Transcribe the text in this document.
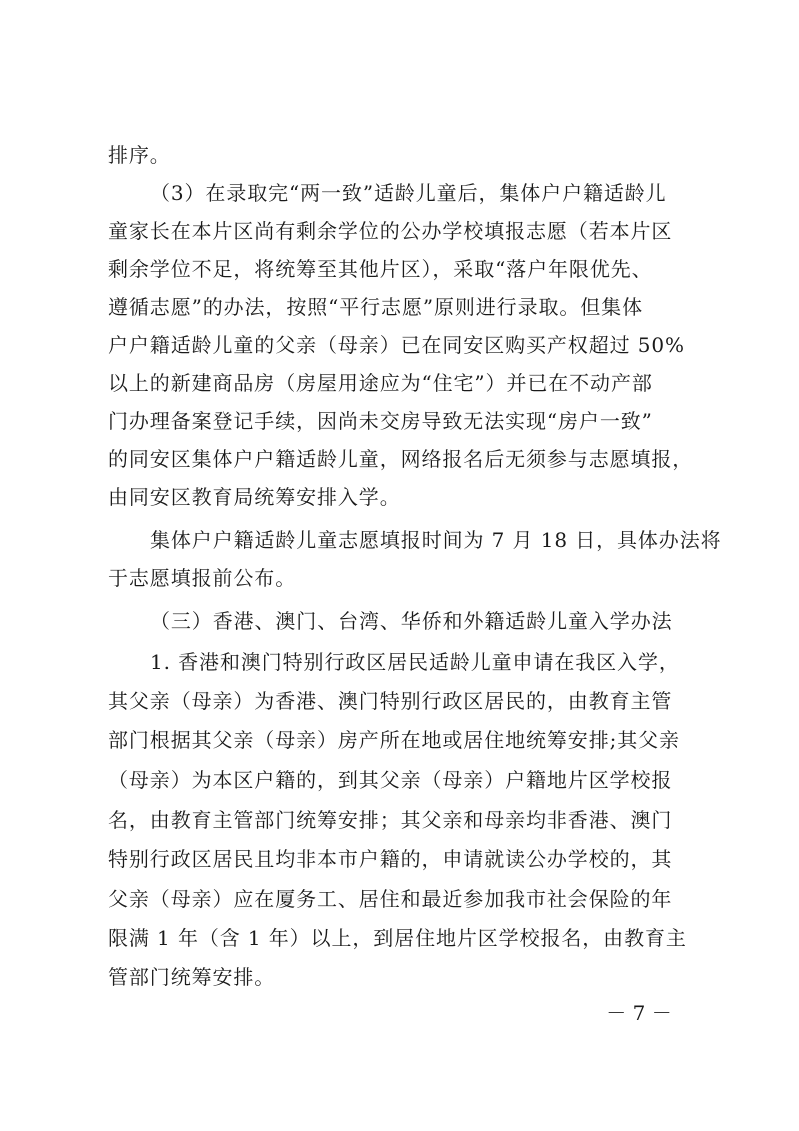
排序。
（3）在录取完“两一致”适龄儿童后，集体户户籍适龄儿
童家长在本片区尚有剩余学位的公办学校填报志愿（若本片区
剩余学位不足，将统筹至其他片区），采取“落户年限优先、
遵循志愿”的办法，按照“平行志愿”原则进行录取。但集体
户户籍适龄儿童的父亲（母亲）已在同安区购买产权超过 50%
以上的新建商品房（房屋用途应为“住宅”）并已在不动产部
门办理备案登记手续，因尚未交房导致无法实现“房户一致”
的同安区集体户户籍适龄儿童，网络报名后无须参与志愿填报，
由同安区教育局统筹安排入学。
集体户户籍适龄儿童志愿填报时间为 7 月 18 日，具体办法将
于志愿填报前公布。
（三）香港、澳门、台湾、华侨和外籍适龄儿童入学办法
1. 香港和澳门特别行政区居民适龄儿童申请在我区入学，
其父亲（母亲）为香港、澳门特别行政区居民的，由教育主管
部门根据其父亲（母亲）房产所在地或居住地统筹安排;其父亲
（母亲）为本区户籍的，到其父亲（母亲）户籍地片区学校报
名，由教育主管部门统筹安排；其父亲和母亲均非香港、澳门
特别行政区居民且均非本市户籍的，申请就读公办学校的，其
父亲（母亲）应在厦务工、居住和最近参加我市社会保险的年
限满 1 年（含 1 年）以上，到居住地片区学校报名，由教育主
管部门统筹安排。
－ 7 －
